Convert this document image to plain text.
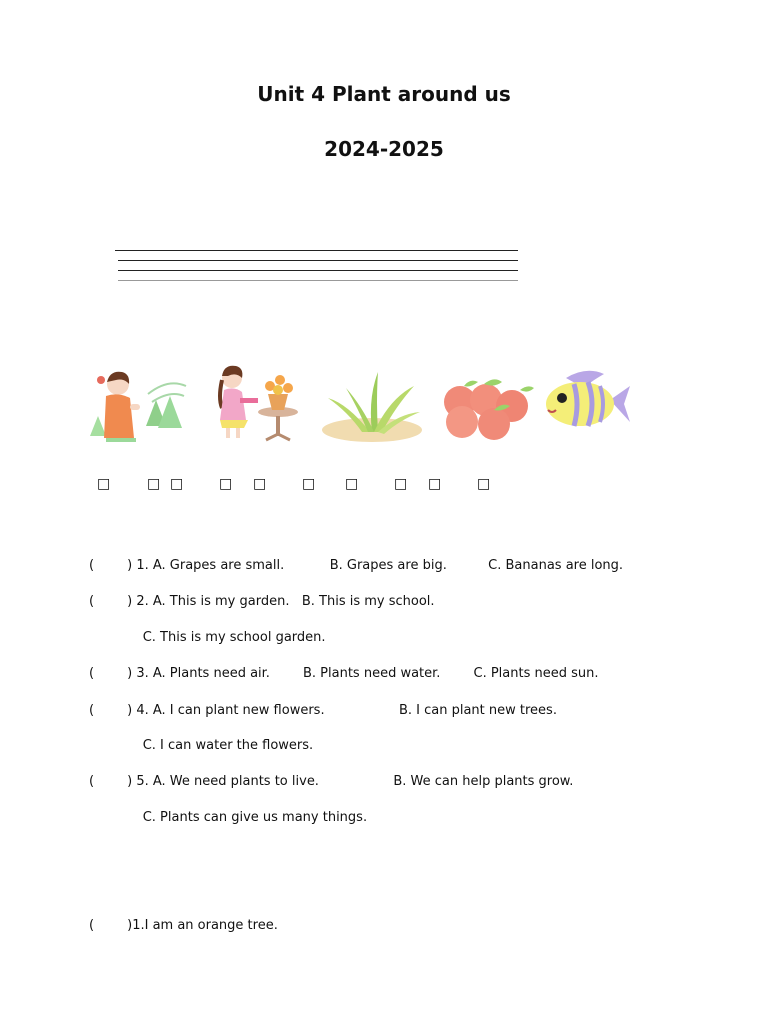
Unit 4 Plant around us
2024-2025
□	□ □	□ □	□ □	□ □	□
(        ) 1. A. Grapes are small.           B. Grapes are big.          C. Bananas are long.
(        ) 2. A. This is my garden.   B. This is my school.
C. This is my school garden.
(        ) 3. A. Plants need air.        B. Plants need water.        C. Plants need sun.
(        ) 4. A. I can plant new flowers.                  B. I can plant new trees.
C. I can water the flowers.
(        ) 5. A. We need plants to live.                  B. We can help plants grow.
C. Plants can give us many things.
(        )1.I am an orange tree.
